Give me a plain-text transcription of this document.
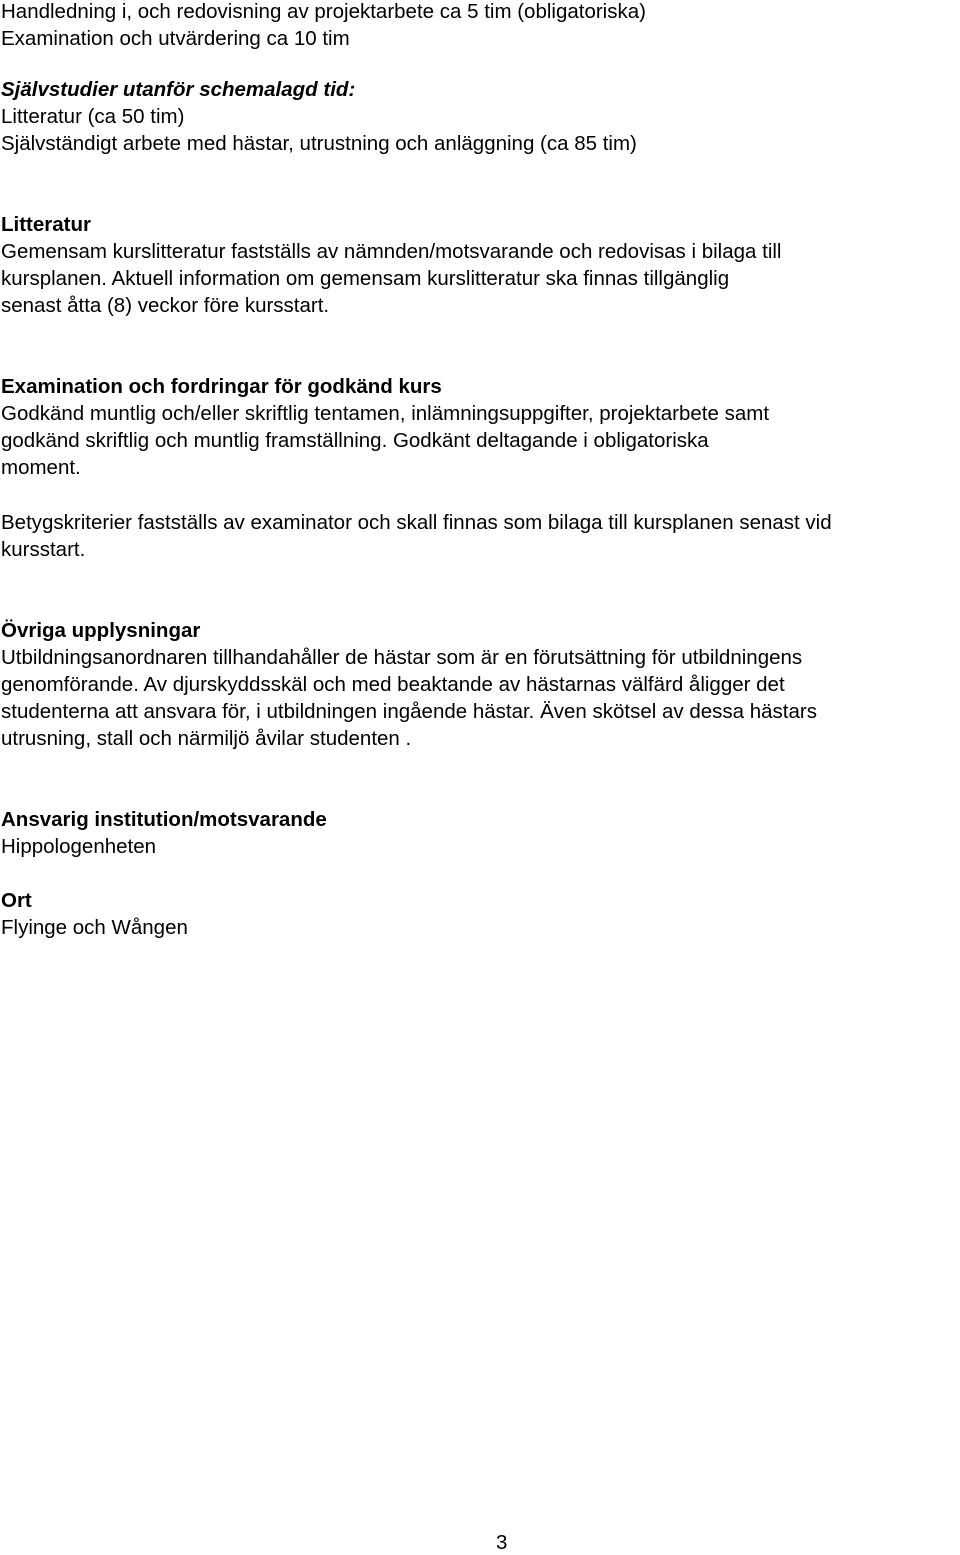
Handledning i, och redovisning av projektarbete ca 5 tim (obligatoriska)
Examination och utvärdering ca 10 tim
Självstudier utanför schemalagd tid:
Litteratur (ca 50 tim)
Självständigt arbete med hästar, utrustning och anläggning (ca 85 tim)
Litteratur
Gemensam kurslitteratur fastställs av nämnden/motsvarande och redovisas i bilaga till
kursplanen. Aktuell information om gemensam kurslitteratur ska finnas tillgänglig
senast åtta (8) veckor före kursstart.
Examination och fordringar för godkänd kurs
Godkänd muntlig och/eller skriftlig tentamen, inlämningsuppgifter, projektarbete samt
godkänd skriftlig och muntlig framställning. Godkänt deltagande i obligatoriska
moment.
Betygskriterier fastställs av examinator och skall finnas som bilaga till kursplanen senast vid
kursstart.
Övriga upplysningar
Utbildningsanordnaren tillhandahåller de hästar som är en förutsättning för utbildningens
genomförande. Av djurskyddsskäl och med beaktande av hästarnas välfärd åligger det
studenterna att ansvara för, i utbildningen ingående hästar. Även skötsel av dessa hästars
utrusning, stall och närmiljö åvilar studenten .
Ansvarig institution/motsvarande
Hippologenheten
Ort
Flyinge och Wången
3
